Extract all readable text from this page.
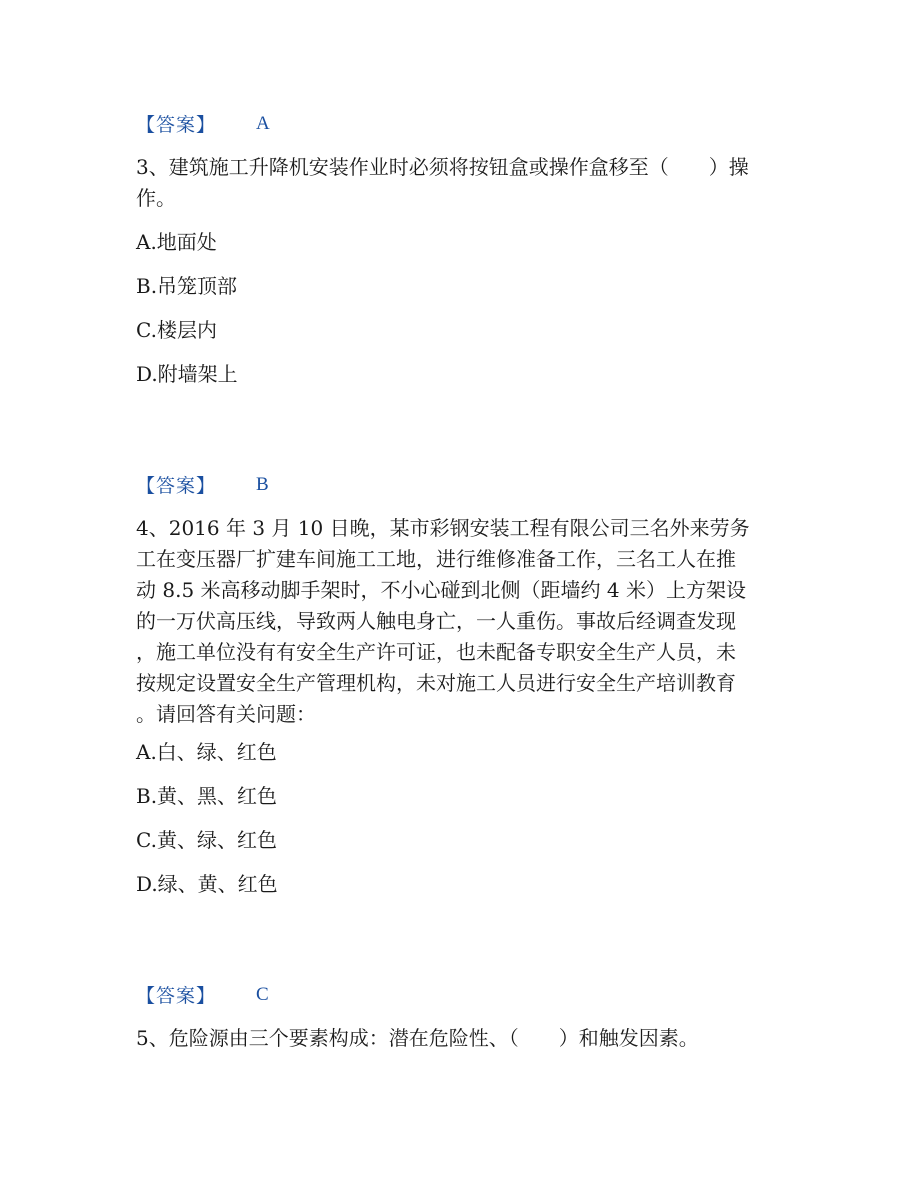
【答案】 A
3、建筑施工升降机安装作业时必须将按钮盒或操作盒移至（　　）操
作。
A.地面处
B.吊笼顶部
C.楼层内
D.附墙架上
【答案】 B
4、2016 年 3 月 10 日晚，某市彩钢安装工程有限公司三名外来劳务
工在变压器厂扩建车间施工工地，进行维修准备工作，三名工人在推
动 8.5 米高移动脚手架时，不小心碰到北侧（距墙约 4 米）上方架设
的一万伏高压线，导致两人触电身亡，一人重伤。事故后经调查发现
，施工单位没有有安全生产许可证，也未配备专职安全生产人员，未
按规定设置安全生产管理机构，未对施工人员进行安全生产培训教育
。请回答有关问题：
A.白、绿、红色
B.黄、黑、红色
C.黄、绿、红色
D.绿、黄、红色
【答案】 C
5、危险源由三个要素构成：潜在危险性、（　　）和触发因素。
